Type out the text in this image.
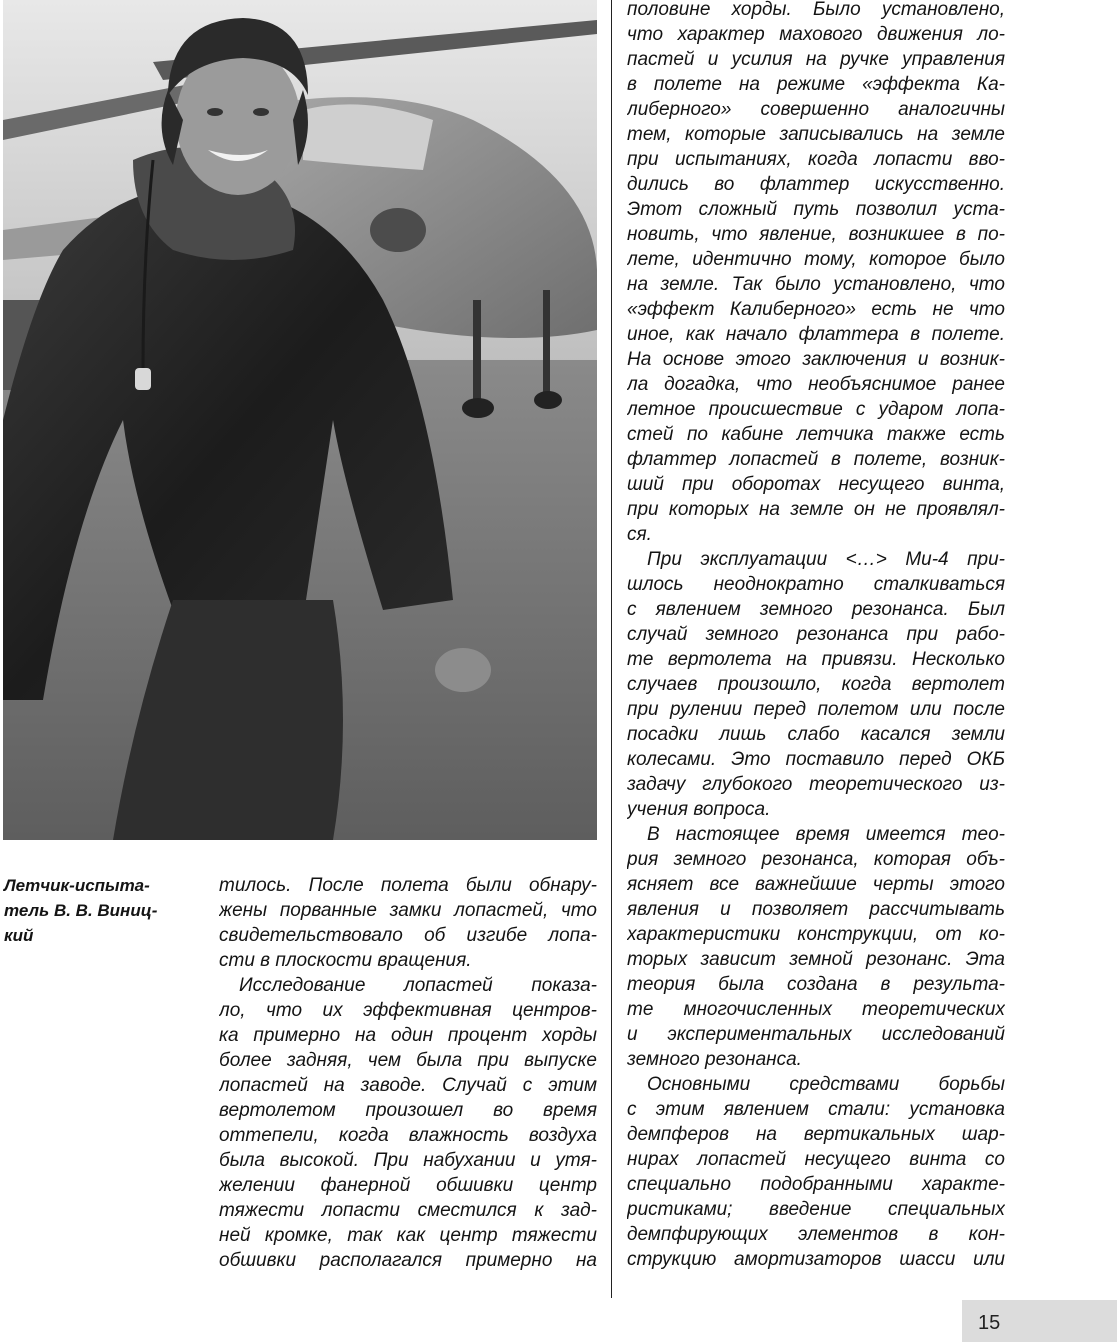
Летчик-испыта-
тель В. В. Виниц-
кий
тилось. После полета были обнару-
жены порванные замки лопастей, что
свидетельствовало об изгибе лопа-
сти в плоскости вращения.
Исследование лопастей показа-
ло, что их эффективная центров-
ка примерно на один процент хорды
более задняя, чем была при выпуске
лопастей на заводе. Случай с этим
вертолетом произошел во время
оттепели, когда влажность воздуха
была высокой. При набухании и утя-
желении фанерной обшивки центр
тяжести лопасти сместился к зад-
ней кромке, так как центр тяжести
обшивки располагался примерно на
половине хорды. Было установлено,
что характер махового движения ло-
пастей и усилия на ручке управления
в полете на режиме «эффекта Ка-
либерного» совершенно аналогичны
тем, которые записывались на земле
при испытаниях, когда лопасти вво-
дились во флаттер искусственно.
Этот сложный путь позволил уста-
новить, что явление, возникшее в по-
лете, идентично тому, которое было
на земле. Так было установлено, что
«эффект Калиберного» есть не что
иное, как начало флаттера в полете.
На основе этого заключения и возник-
ла догадка, что необъяснимое ранее
летное происшествие с ударом лопа-
стей по кабине летчика также есть
флаттер лопастей в полете, возник-
ший при оборотах несущего винта,
при которых на земле он не проявлял-
ся.
При эксплуатации <…> Ми-4 при-
шлось неоднократно сталкиваться
с явлением земного резонанса. Был
случай земного резонанса при рабо-
те вертолета на привязи. Несколько
случаев произошло, когда вертолет
при рулении перед полетом или после
посадки лишь слабо касался земли
колесами. Это поставило перед ОКБ
задачу глубокого теоретического из-
учения вопроса.
В настоящее время имеется тео-
рия земного резонанса, которая объ-
ясняет все важнейшие черты этого
явления и позволяет рассчитывать
характеристики конструкции, от ко-
торых зависит земной резонанс. Эта
теория была создана в результа-
те многочисленных теоретических
и экспериментальных исследований
земного резонанса.
Основными средствами борьбы
с этим явлением стали: установка
демпферов на вертикальных шар-
нирах лопастей несущего винта со
специально подобранными характе-
ристиками; введение специальных
демпфирующих элементов в кон-
струкцию амортизаторов шасси или
15
